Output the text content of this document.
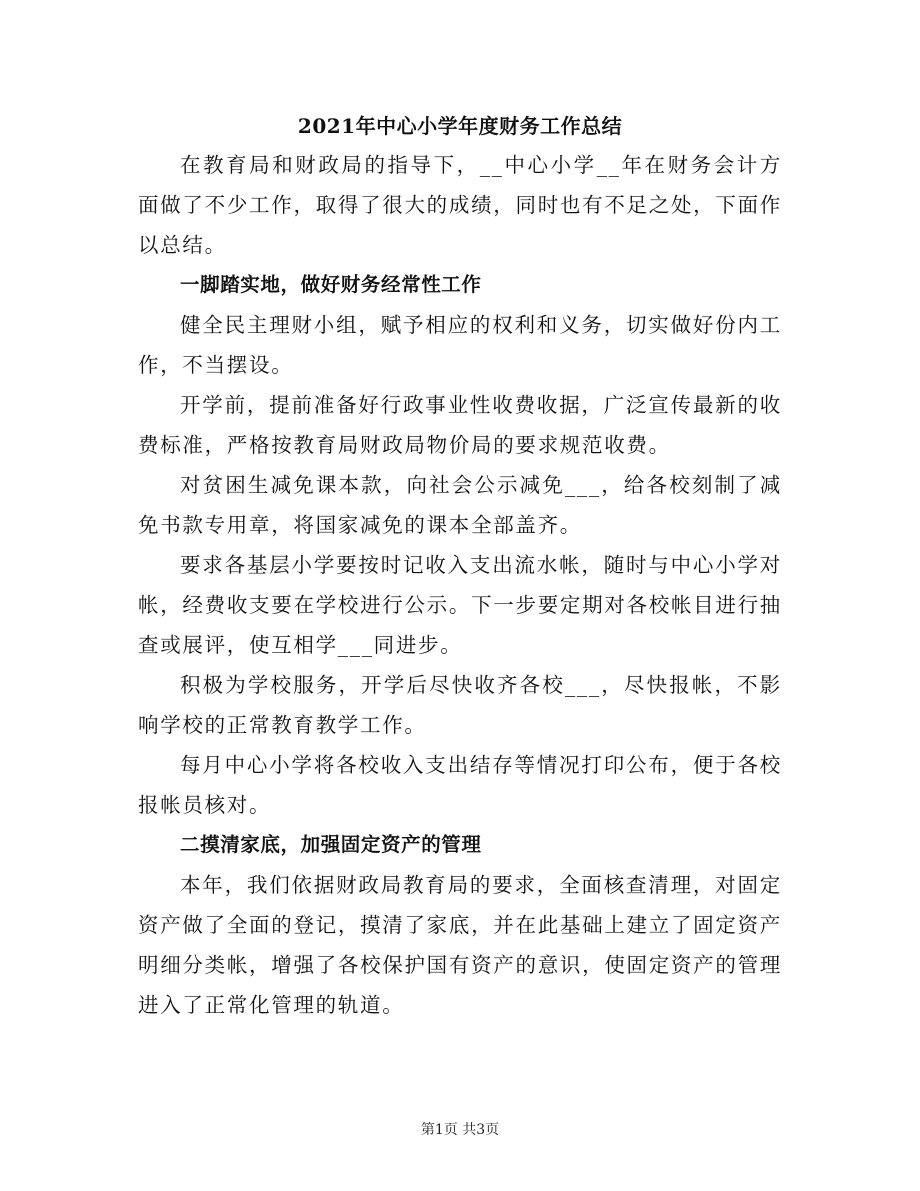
2021年中心小学年度财务工作总结

在教育局和财政局的指导下，__中心小学__年在财务会计方面做了不少工作，取得了很大的成绩，同时也有不足之处，下面作以总结。

一脚踏实地，做好财务经常性工作

健全民主理财小组，赋予相应的权利和义务，切实做好份内工作，不当摆设。

开学前，提前准备好行政事业性收费收据，广泛宣传最新的收费标准，严格按教育局财政局物价局的要求规范收费。

对贫困生减免课本款，向社会公示减免___，给各校刻制了减免书款专用章，将国家减免的课本全部盖齐。

要求各基层小学要按时记收入支出流水帐，随时与中心小学对帐，经费收支要在学校进行公示。下一步要定期对各校帐目进行抽查或展评，使互相学___同进步。

积极为学校服务，开学后尽快收齐各校___，尽快报帐，不影响学校的正常教育教学工作。

每月中心小学将各校收入支出结存等情况打印公布，便于各校报帐员核对。

二摸清家底，加强固定资产的管理

本年，我们依据财政局教育局的要求，全面核查清理，对固定资产做了全面的登记，摸清了家底，并在此基础上建立了固定资产明细分类帐，增强了各校保护国有资产的意识，使固定资产的管理进入了正常化管理的轨道。

第1页 共3页
